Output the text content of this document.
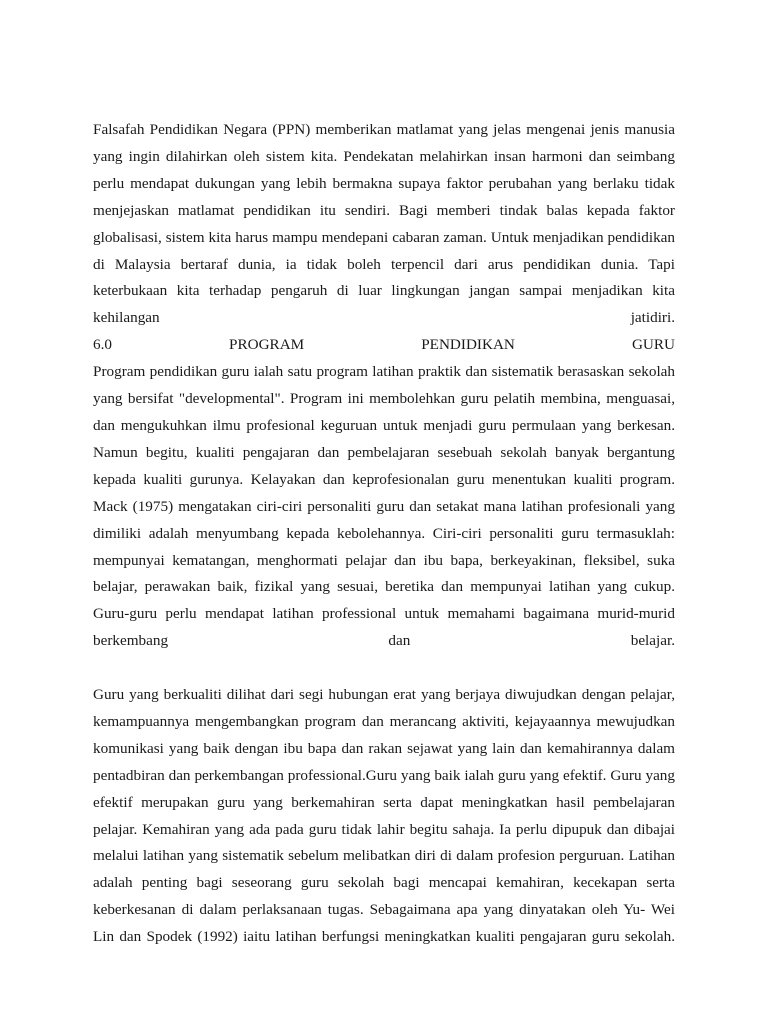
Falsafah Pendidikan Negara (PPN) memberikan matlamat yang jelas mengenai jenis manusia yang ingin dilahirkan oleh sistem kita. Pendekatan melahirkan insan harmoni dan seimbang perlu mendapat dukungan yang lebih bermakna supaya faktor perubahan yang berlaku tidak menjejaskan matlamat pendidikan itu sendiri. Bagi memberi tindak balas kepada faktor globalisasi, sistem kita harus mampu mendepani cabaran zaman. Untuk menjadikan pendidikan di Malaysia bertaraf dunia, ia tidak boleh terpencil dari arus pendidikan dunia. Tapi keterbukaan kita terhadap pengaruh di luar lingkungan jangan sampai menjadikan kita kehilangan jatidiri.

6.0	PROGRAM	PENDIDIKAN	GURU

Program pendidikan guru ialah satu program latihan praktik dan sistematik berasaskan sekolah yang bersifat "developmental". Program ini membolehkan guru pelatih membina, menguasai, dan mengukuhkan ilmu profesional keguruan untuk menjadi guru permulaan yang berkesan.

Namun begitu, kualiti pengajaran dan pembelajaran sesebuah sekolah banyak bergantung kepada kualiti gurunya. Kelayakan dan keprofesionalan guru menentukan kualiti program. Mack (1975) mengatakan ciri-ciri personaliti guru dan setakat mana latihan profesionali yang dimiliki adalah menyumbang kepada kebolehannya. Ciri-ciri personaliti guru termasuklah: mempunyai kematangan, menghormati pelajar dan ibu bapa, berkeyakinan, fleksibel, suka belajar, perawakan baik, fizikal yang sesuai, beretika dan mempunyai latihan yang cukup. Guru-guru perlu mendapat latihan professional untuk memahami bagaimana murid-murid berkembang dan belajar.

Guru yang berkualiti dilihat dari segi hubungan erat yang berjaya diwujudkan dengan pelajar, kemampuannya mengembangkan program dan merancang aktiviti, kejayaannya mewujudkan komunikasi yang baik dengan ibu bapa dan rakan sejawat yang lain dan kemahirannya dalam pentadbiran dan perkembangan professional.Guru yang baik ialah guru yang efektif. Guru yang efektif merupakan guru yang berkemahiran serta dapat meningkatkan hasil pembelajaran pelajar. Kemahiran yang ada pada guru tidak lahir begitu sahaja. Ia perlu dipupuk dan dibajai melalui latihan yang sistematik sebelum melibatkan diri di dalam profesion perguruan. Latihan adalah penting bagi seseorang guru sekolah bagi mencapai kemahiran, kecekapan serta keberkesanan di dalam perlaksanaan tugas. Sebagaimana apa yang dinyatakan oleh Yu- Wei Lin dan Spodek (1992) iaitu latihan berfungsi meningkatkan kualiti pengajaran guru sekolah.
